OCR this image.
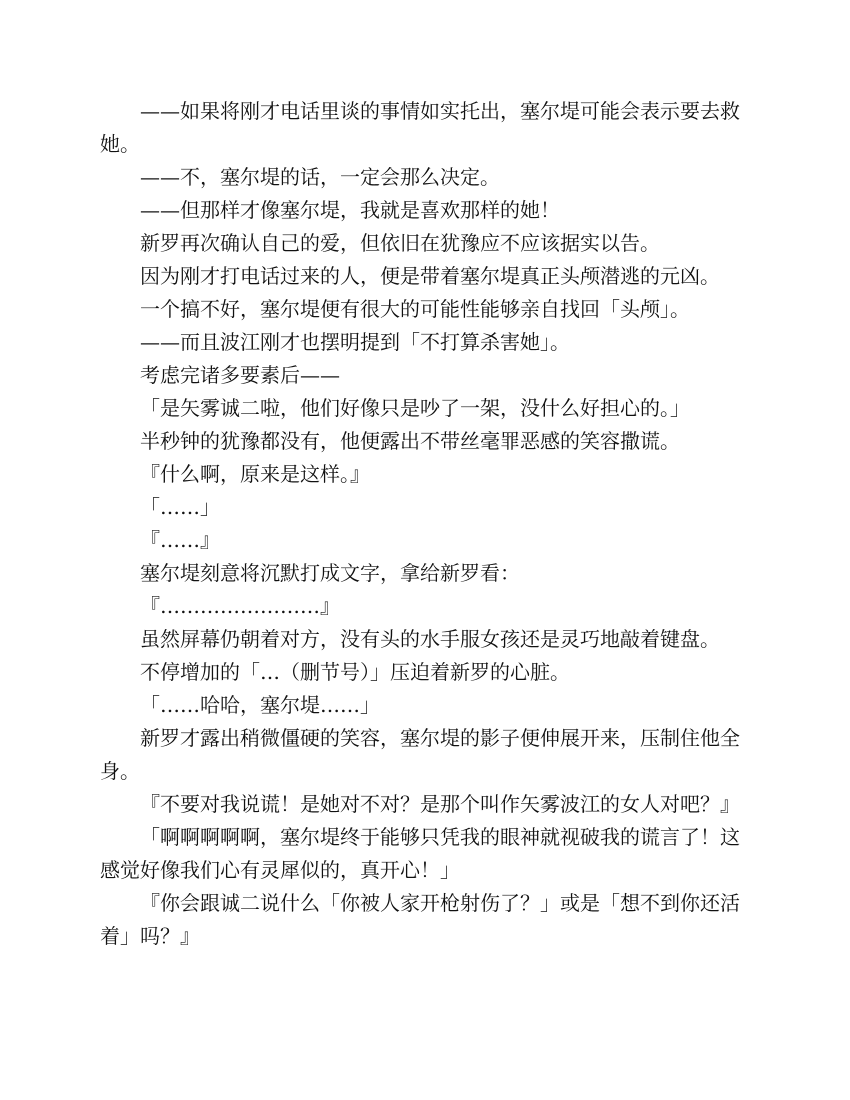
——如果将刚才电话里谈的事情如实托出，塞尔堤可能会表示要去救她。

——不，塞尔堤的话，一定会那么决定。

——但那样才像塞尔堤，我就是喜欢那样的她！

新罗再次确认自己的爱，但依旧在犹豫应不应该据实以告。

因为刚才打电话过来的人，便是带着塞尔堤真正头颅潜逃的元凶。

一个搞不好，塞尔堤便有很大的可能性能够亲自找回「头颅」。

——而且波江刚才也摆明提到「不打算杀害她」。

考虑完诸多要素后——

「是矢雾诚二啦，他们好像只是吵了一架，没什么好担心的。」

半秒钟的犹豫都没有，他便露出不带丝毫罪恶感的笑容撒谎。

『什么啊，原来是这样。』

「……」

『……』

塞尔堤刻意将沉默打成文字，拿给新罗看：

『……………………』

虽然屏幕仍朝着对方，没有头的水手服女孩还是灵巧地敲着键盘。

不停增加的「…（删节号）」压迫着新罗的心脏。

「……哈哈，塞尔堤……」

新罗才露出稍微僵硬的笑容，塞尔堤的影子便伸展开来，压制住他全身。

『不要对我说谎！是她对不对？是那个叫作矢雾波江的女人对吧？』

「啊啊啊啊啊，塞尔堤终于能够只凭我的眼神就视破我的谎言了！这感觉好像我们心有灵犀似的，真开心！」

『你会跟诚二说什么「你被人家开枪射伤了？」或是「想不到你还活着」吗？』
